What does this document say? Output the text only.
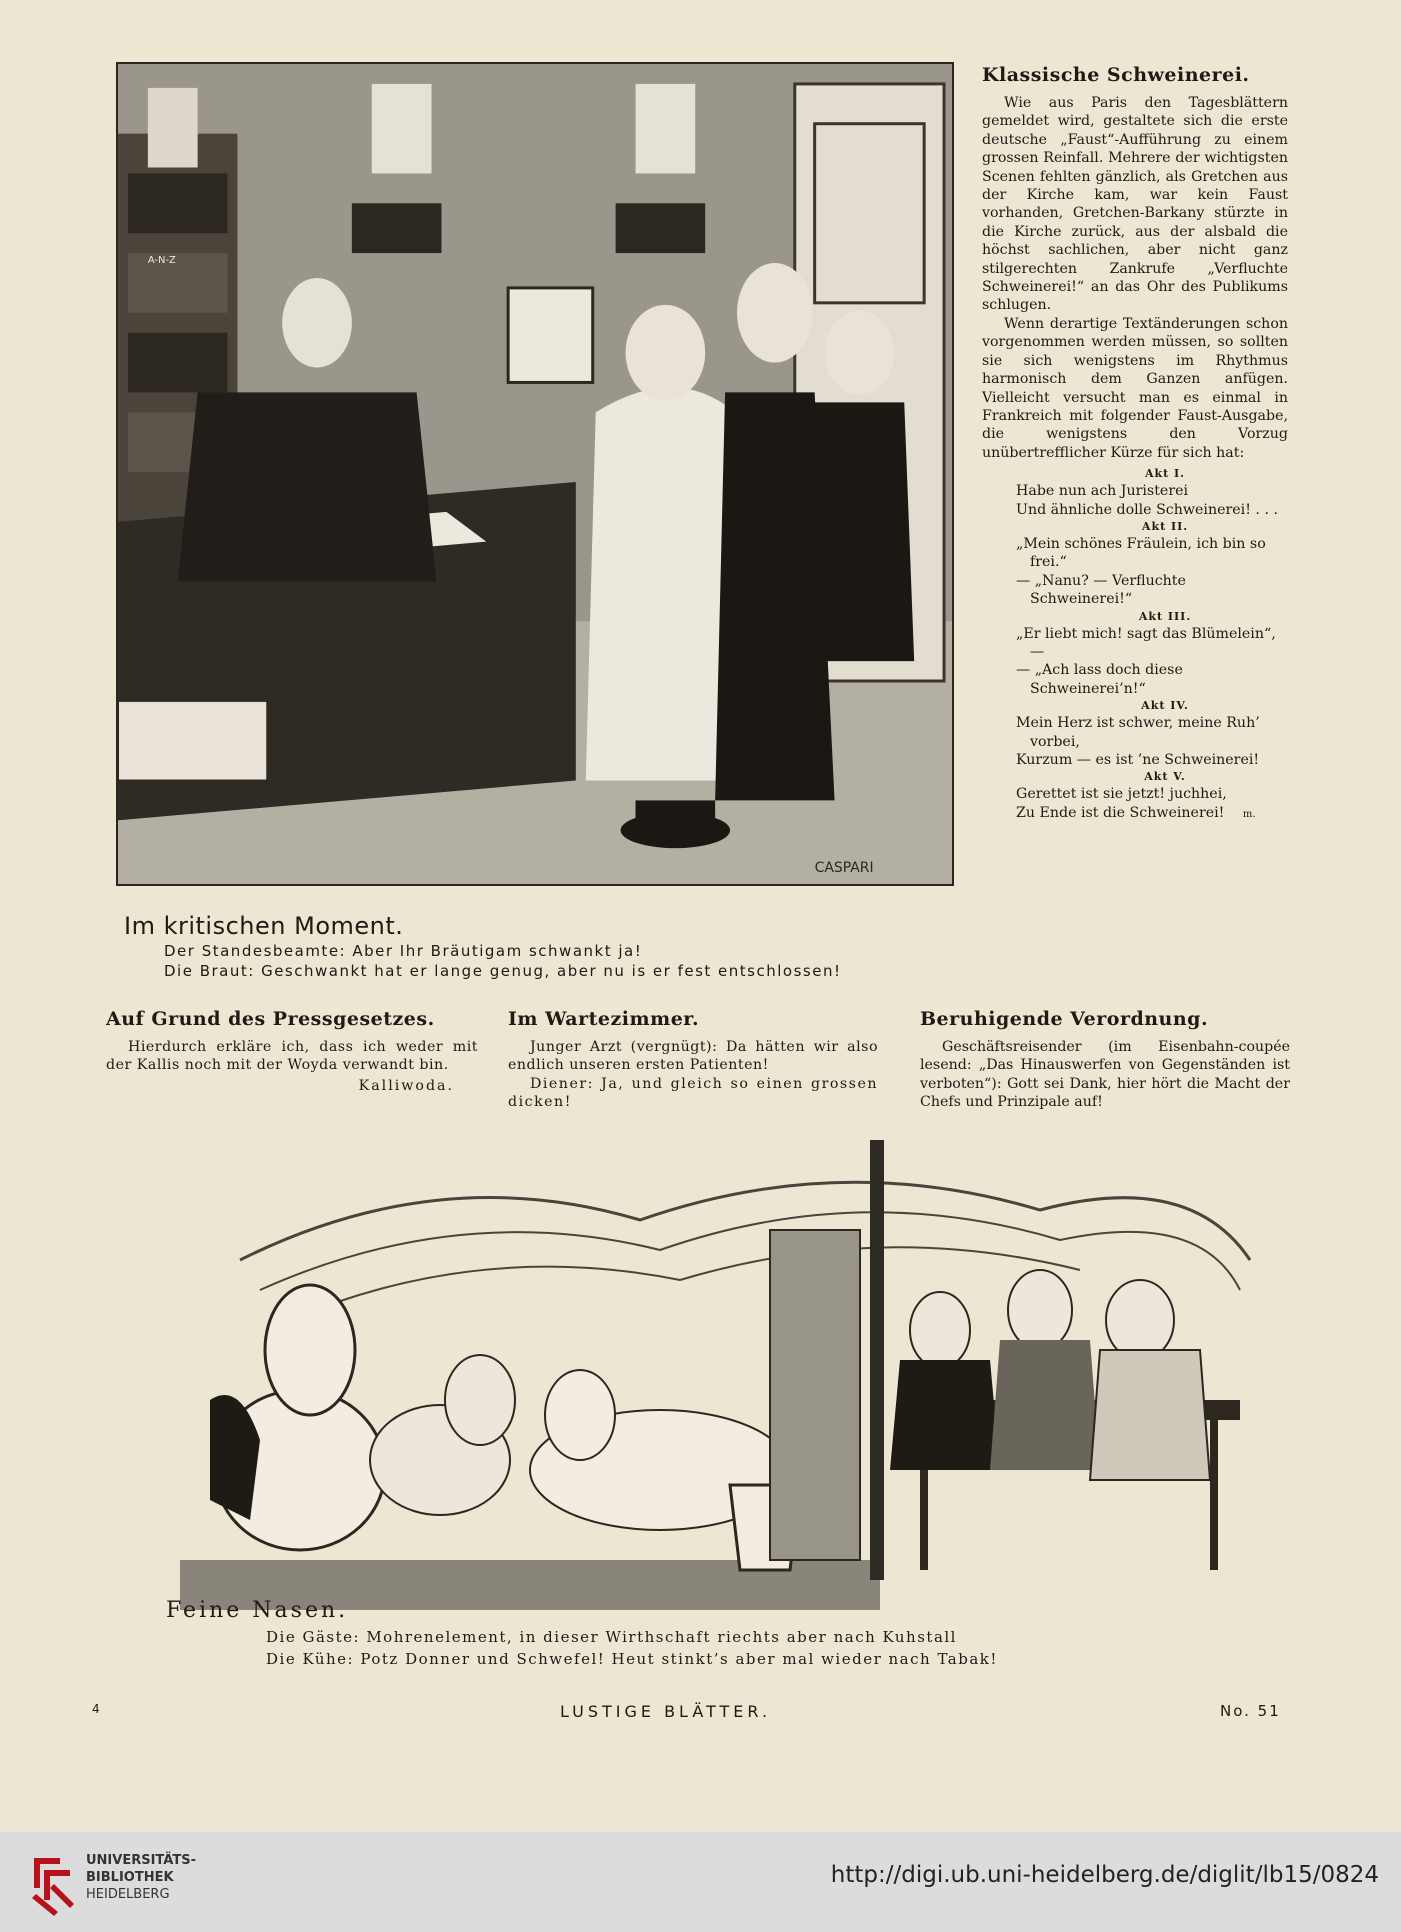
CASPARI
A-N-Z
Klassische Schweinerei.

Wie aus Paris den Tagesblättern gemeldet wird, gestaltete sich die erste deutsche „Faust“-Aufführung zu einem grossen Reinfall. Mehrere der wichtigsten Scenen fehlten gänzlich, als Gretchen aus der Kirche kam, war kein Faust vorhanden, Gretchen-Barkany stürzte in die Kirche zurück, aus der alsbald die höchst sachlichen, aber nicht ganz stilgerechten Zankrufe „Verfluchte Schweinerei!“ an das Ohr des Publikums schlugen.

Wenn derartige Textänderungen schon vorgenommen werden müssen, so sollten sie sich wenigstens im Rhythmus harmonisch dem Ganzen anfügen. Vielleicht versucht man es einmal in Frankreich mit folgender Faust-Ausgabe, die wenigstens den Vorzug unübertrefflicher Kürze für sich hat:

Akt I.
Habe nun ach Juristerei
Und ähnliche dolle Schweinerei! . . .
Akt II.
„Mein schönes Fräulein, ich bin so frei.“
— „Nanu? — Verfluchte Schweinerei!“
Akt III.
„Er liebt mich! sagt das Blümelein“, —
— „Ach lass doch diese Schweinerei’n!“
Akt IV.
Mein Herz ist schwer, meine Ruh’ vorbei,
Kurzum — es ist ’ne Schweinerei!
Akt V.
Gerettet ist sie jetzt! juchhei,
Zu Ende ist die Schweinerei! m.
Im kritischen Moment.
Der Standesbeamte: Aber Ihr Bräutigam schwankt ja!
Die Braut: Geschwankt hat er lange genug, aber nu is er fest entschlossen!
Auf Grund des Pressgesetzes.

Hierdurch erkläre ich, dass ich weder mit der Kallis noch mit der Woyda verwandt bin.

Kalliwoda.

Im Wartezimmer.

Junger Arzt (vergnügt): Da hätten wir also endlich unseren ersten Patienten!

Diener: Ja, und gleich so einen grossen dicken!

Beruhigende Verordnung.

Geschäftsreisender (im Eisenbahn-coupée lesend: „Das Hinauswerfen von Gegenständen ist verboten“): Gott sei Dank, hier hört die Macht der Chefs und Prinzipale auf!

Feine Nasen.
Die Gäste: Mohrenelement, in dieser Wirthschaft riechts aber nach Kuhstall
Die Kühe: Potz Donner und Schwefel! Heut stinkt’s aber mal wieder nach Tabak!
4	LUSTIGE BLÄTTER.	No. 51
UNIVERSITÄTS-
BIBLIOTHEK
HEIDELBERG
http://digi.ub.uni-heidelberg.de/diglit/lb15/0824
